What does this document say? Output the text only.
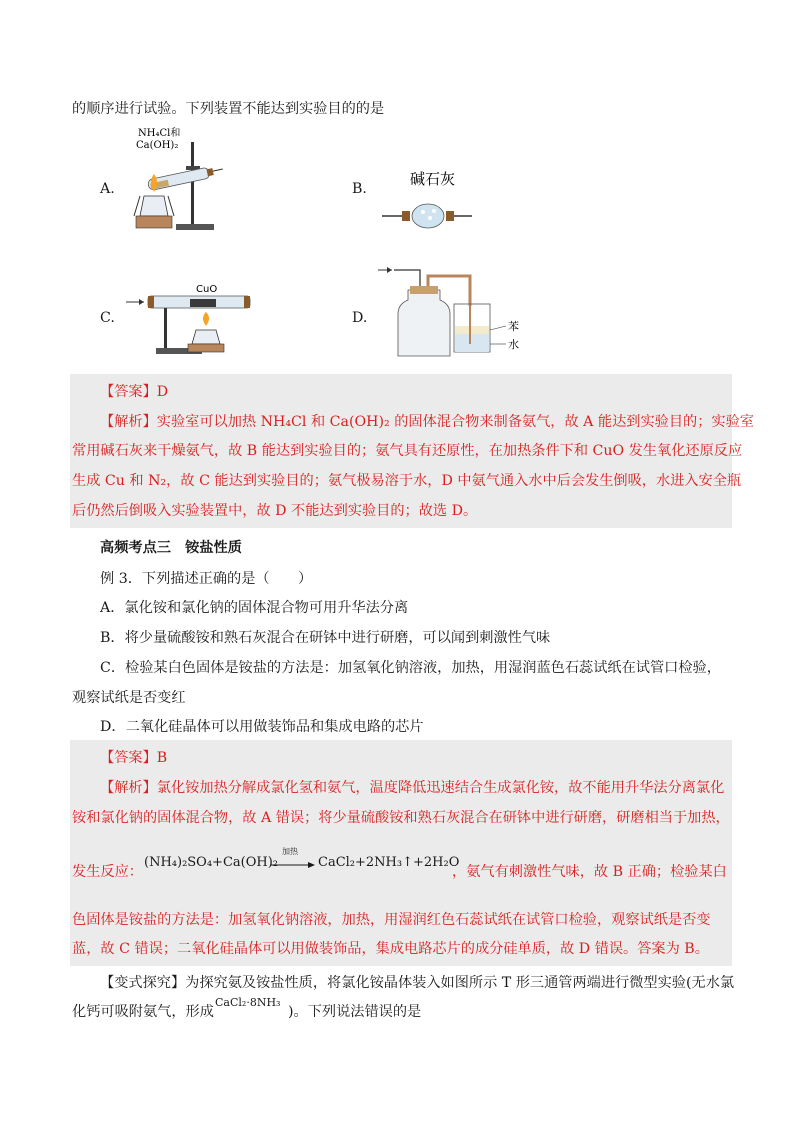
的顺序进行试验。下列装置不能达到实验目的的是
A.
NH₄Cl和
Ca(OH)₂
B.
碱石灰
C.
CuO
D.
苯
水
【答案】D
【解析】实验室可以加热 NH₄Cl 和 Ca(OH)₂ 的固体混合物来制备氨气，故 A 能达到实验目的；实验室
常用碱石灰来干燥氨气，故 B 能达到实验目的；氨气具有还原性，在加热条件下和 CuO 发生氧化还原反应
生成 Cu 和 N₂，故 C 能达到实验目的；氨气极易溶于水，D 中氨气通入水中后会发生倒吸，水进入安全瓶
后仍然后倒吸入实验装置中，故 D 不能达到实验目的；故选 D。
高频考点三　铵盐性质
例 3．下列描述正确的是（　　）
A．氯化铵和氯化钠的固体混合物可用升华法分离
B．将少量硫酸铵和熟石灰混合在研钵中进行研磨，可以闻到刺激性气味
C．检验某白色固体是铵盐的方法是：加氢氧化钠溶液，加热，用湿润蓝色石蕊试纸在试管口检验，
观察试纸是否变红
D．二氧化硅晶体可以用做装饰品和集成电路的芯片
【答案】B
【解析】氯化铵加热分解成氯化氢和氨气，温度降低迅速结合生成氯化铵，故不能用升华法分离氯化
铵和氯化钠的固体混合物，故 A 错误；将少量硫酸铵和熟石灰混合在研钵中进行研磨，研磨相当于加热，
发生反应：
(NH₄)₂SO₄+Ca(OH)₂
加热
→ CaCl₂+2NH₃↑+2H₂O
，氨气有刺激性气味，故 B 正确；检验某白
色固体是铵盐的方法是：加氢氧化钠溶液，加热，用湿润红色石蕊试纸在试管口检验，观察试纸是否变
蓝，故 C 错误；二氧化硅晶体可以用做装饰品，集成电路芯片的成分硅单质，故 D 错误。答案为 B。
【变式探究】为探究氨及铵盐性质，将氯化铵晶体装入如图所示 T 形三通管两端进行微型实验(无水氯
化钙可吸附氨气，形成
CaCl₂·8NH₃
)。下列说法错误的是
